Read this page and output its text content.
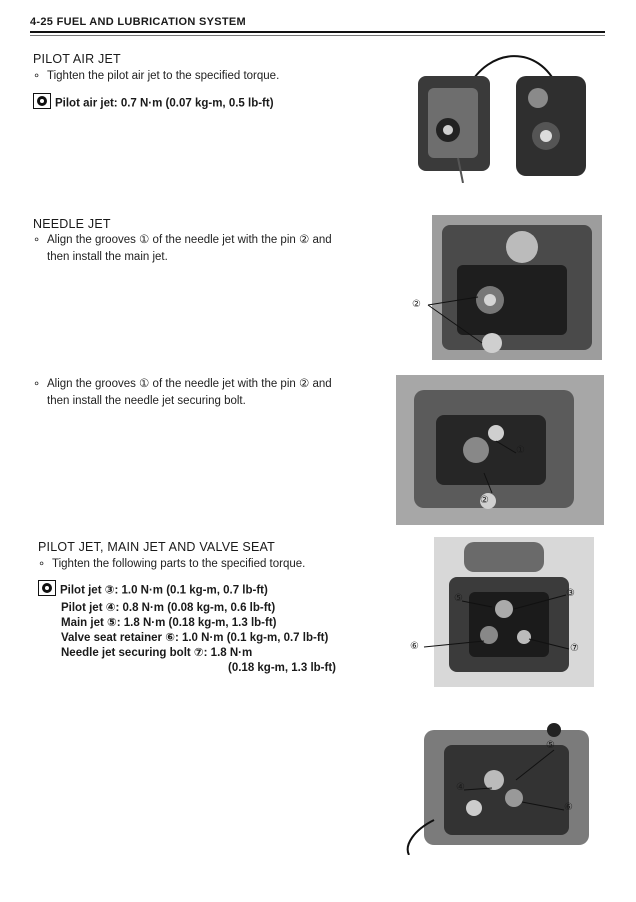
4-25 FUEL AND LUBRICATION SYSTEM
PILOT AIR JET
∘ Tighten the pilot air jet to the specified torque.
Pilot air jet: 0.7 N·m (0.07 kg-m, 0.5 lb-ft)
NEEDLE JET
∘ Align the grooves ① of the needle jet with the pin ② and
then install the main jet.
②
∘ Align the grooves ① of the needle jet with the pin ② and
then install the needle jet securing bolt.
①
②
PILOT JET, MAIN JET AND VALVE SEAT
∘ Tighten the following parts to the specified torque.
Pilot jet ③: 1.0 N·m (0.1 kg-m, 0.7 lb-ft)
Pilot jet ④: 0.8 N·m (0.08 kg-m, 0.6 lb-ft)
Main jet ⑤: 1.8 N·m (0.18 kg-m, 1.3 lb-ft)
Valve seat retainer ⑥: 1.0 N·m (0.1 kg-m, 0.7 lb-ft)
Needle jet securing bolt ⑦: 1.8 N·m
(0.18 kg-m, 1.3 lb-ft)
⑤	③
⑥	⑦
⑤
④
⑥
